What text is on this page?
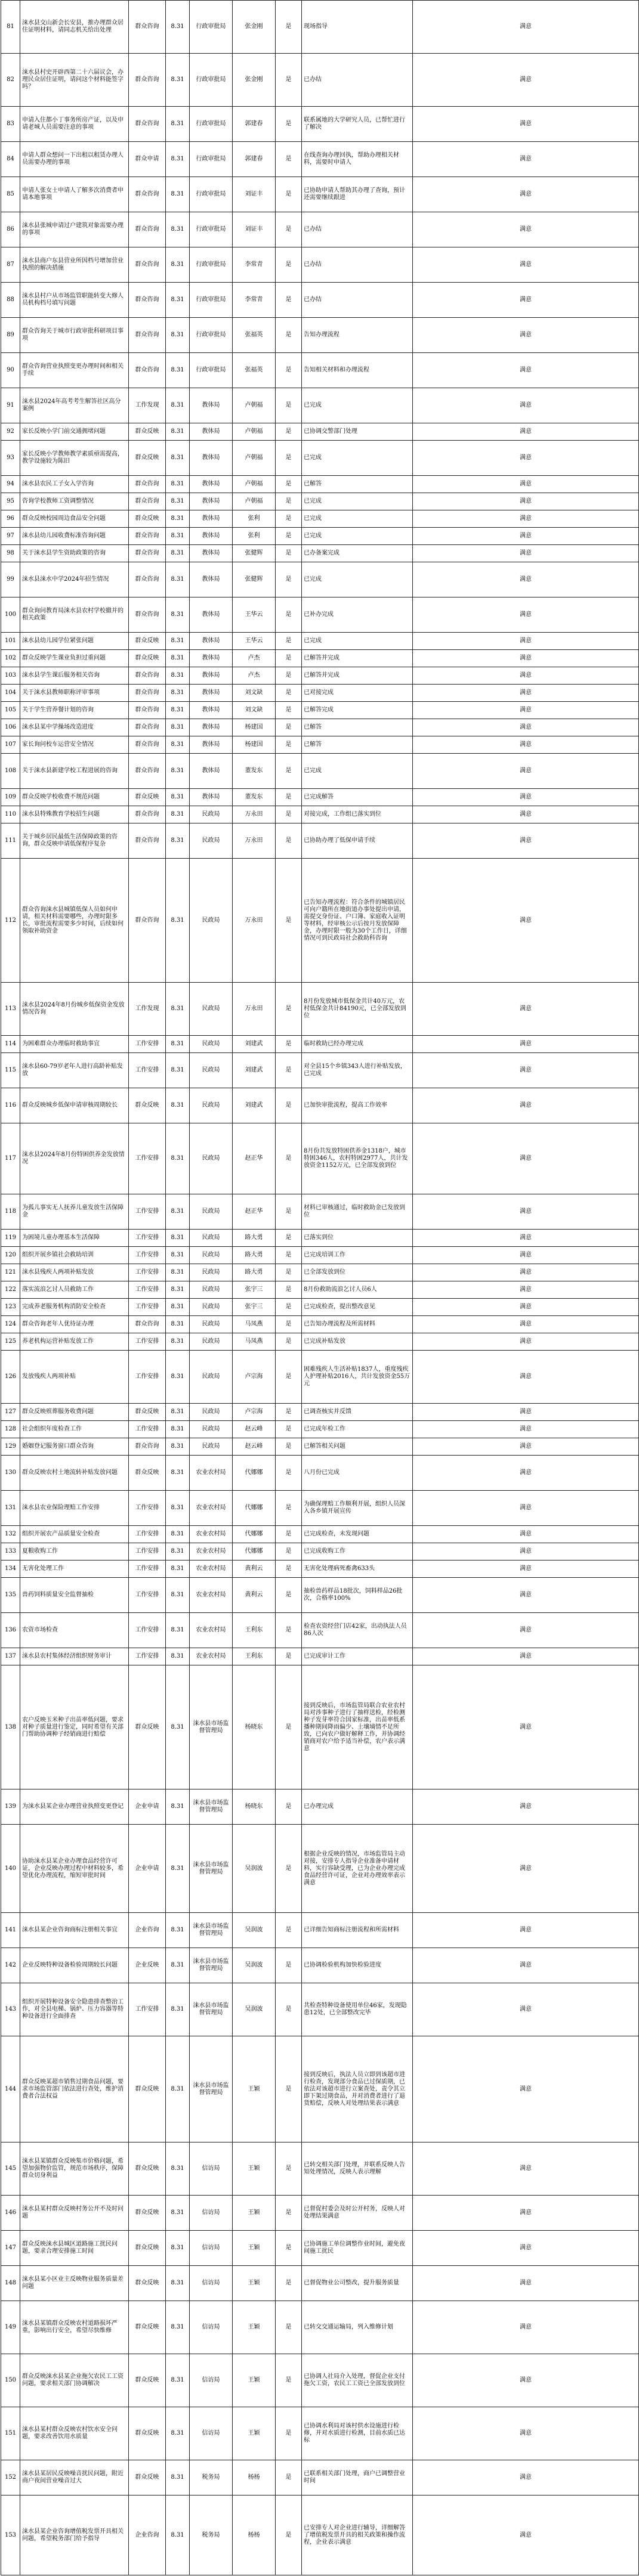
81	涞水县交山新会长安县，推办理群众居住证明材料，请同志机关给出处理	群众咨询	8.31	行政审批局	张金刚	是	现场指导	满意
82	涞水县村史开辟西第二十六届议会，办理民众居住证明，请问这个材料能签字吗？	群众咨询	8.31	行政审批局	张金刚	是	已办结	满意
83	申请入住都小丁事务所房产证，以及申请老城人员需要注意的事项	群众咨询	8.31	行政审批局	郭建春	是	联系属地的大学研究人员，已帮忙进行了解决	满意
84	申请人群众想问一下出租以租赁办理人员需要办理的事项	群众申请	8.31	行政审批局	郭建春	是	在线查询办理回执，帮助办理相关材料，需要时申请人	满意
85	申请人张女士申请人了解多次消费者申请本地事项	群众咨询	8.31	行政审批局	刘证丰	是	已协助申请人帮助其办理了查询，预计还需要继续跟进	满意
86	涞水县张城申请过户建筑对象需要办理的事项	群众咨询	8.31	行政审批局	刘证丰	是	已办结	满意
87	涞水县商户东县营业所因档号增加营业执照的解决措施	群众咨询	8.31	行政审批局	李常青	是	已办结	满意
88	涞水县村户从市场监管职能转变大修人员机构档号填写问题	群众咨询	8.31	行政审批局	李常青	是	已办结	满意
89	群众咨询关于城市行政审批科研项目事项	群众咨询	8.31	行政审批局	张福英	是	告知办理流程	满意
90	群众咨询营业执照变更办理时间和相关手续	群众咨询	8.31	行政审批局	张福英	是	告知相关材料和办理流程	满意
91	涞水县2024年高考考生解答社区高分案例	工作发现	8.31	教体局	卢朝福	是	已完成	满意
92	家长反映小学门前交通拥堵问题	群众反映	8.31	教体局	卢朝福	是	已协调交警部门处理	满意
93	家长反映小学教师教学素质亟需提高，教学设施较为陈旧	群众反映	8.31	教体局	卢朝福	是	已完成	满意
94	涞水县农民工子女入学咨询	群众咨询	8.31	教体局	卢朝福	是	已解答	满意
95	咨询学校教师工资调整情况	群众咨询	8.31	教体局	卢朝福	是	已完成	满意
96	群众反映校园周边食品安全问题	群众反映	8.31	教体局	张利	是	已完成	满意
97	涞水县幼儿园收费标准咨询问题	群众咨询	8.31	教体局	张利	是	已完成	满意
98	关于涞水县学生资助政策的咨询	群众咨询	8.31	教体局	张健辉	是	已办备案完成	满意
99	涞水县涞水中学2024年招生情况	群众咨询	8.31	教体局	张健辉	是	已完成	满意
100	群众询问教育局涞水县农村学校撤并的相关政策	群众咨询	8.31	教体局	王华云	是	已补办完成	满意
101	涞水县幼儿园学位紧张问题	群众反映	8.31	教体局	王华云	是	已完成	满意
102	群众反映学生课业负担过重问题	群众反映	8.31	教体局	卢杰	是	已解答并完成	满意
103	涞水县学生课后服务相关咨询	群众咨询	8.31	教体局	卢杰	是	已解答并完成	满意
104	关于涞水县教师职称评审事项	群众咨询	8.31	教体局	刘文缺	是	已对接完成	满意
105	关于学生营养餐计划的咨询	群众咨询	8.31	教体局	刘文缺	是	已解答完成	满意
106	涞水县某中学操场改造进度	群众咨询	8.31	教体局	杨建国	是	已解答	满意
107	家长询问校车运营安全情况	群众咨询	8.31	教体局	杨建国	是	已解答	满意
108	关于涞水县新建学校工程进展的咨询	群众咨询	8.31	教体局	董发东	是	已完成	满意
109	群众反映学校收费不规范问题	群众反映	8.31	教体局	董发东	是	已完成解答	满意
110	涞水县特殊教育学校招生问题	群众咨询	8.31	民政局	万永田	是	对接完成，工作组已落实到位	满意
111	关于城乡居民最低生活保障政策的咨询，群众反映申请低保程序复杂	群众咨询	8.31	民政局	万永田	是	已协助办理了低保申请手续	满意
112	群众咨询涞水县城镇低保人员如何申请，相关材料需要哪些，办理时限多长，审批流程需要多少时间，后续如何领取补助资金	群众咨询	8.31	民政局	万永田	是	已告知办理流程：符合条件的城镇居民可向户籍所在地街道办事处提出申请，需提交身份证、户口簿、家庭收入证明等材料，经审核公示后按月发放保障金，办理时限一般为30个工作日，详细情况可到民政局社会救助科咨询	满意
113	涞水县2024年8月份城乡低保资金发放情况咨询	工作发现	8.31	民政局	万永田	是	8月份发放城市低保金共计40万元，农村低保金共计84190元，已全部发放到位	满意
114	为困难群众办理临时救助事宜	工作安排	8.31	民政局	刘建武	是	临时救助已经办理完成	满意
115	涞水县60-79岁老年人进行高龄补贴发放	工作安排	8.31	民政局	刘建武	是	对全县15个乡镇343人进行补贴发放，已完成	满意
116	群众反映城乡低保申请审核周期较长	群众反映	8.31	民政局	刘建武	是	已加快审批流程，提高工作效率	满意
117	涞水县2024年8月份特困供养金发放情况	工作安排	8.31	民政局	赵正华	是	8月份共发放特困供养金1318户，城市特困346人，农村特困2977人，共计发放资金1152万元，已全部发放到位	满意
118	为孤儿事实无人抚养儿童发放生活保障金	工作安排	8.31	民政局	赵正华	是	材料已审核通过，临时救助金已发放到位	满意
119	为困境儿童办理基本生活保障	工作安排	8.31	民政局	路大勇	是	已落实到位	满意
120	组织开展乡镇社会救助培训	工作安排	8.31	民政局	路大勇	是	已完成培训工作	满意
121	涞水县残疾人两项补贴发放	工作安排	8.31	民政局	路大勇	是	已全部发放到位	满意
122	落实流浪乞讨人员救助工作	工作安排	8.31	民政局	张宇三	是	8月份救助流浪乞讨人员6人	满意
123	完成养老服务机构消防安全检查	工作安排	8.31	民政局	张宇三	是	已完成检查，提出整改意见	满意
124	群众咨询老年人优待证办理	群众咨询	8.31	民政局	马凤燕	是	已告知办理流程及所需材料	满意
125	养老机构运营补贴发放工作	工作安排	8.31	民政局	马凤燕	是	已完成补贴发放	满意
126	发放残疾人两项补贴	工作安排	8.31	民政局	卢宗海	是	困难残疾人生活补贴1837人，重度残疾人护理补贴2016人，共计发放资金55万元	满意
127	群众反映殡葬服务收费问题	群众反映	8.31	民政局	卢宗海	是	已调查核实并反馈	满意
128	社会组织年度检查工作	工作安排	8.31	民政局	赵云峰	是	已完成年检工作	满意
129	婚姻登记服务窗口群众咨询	群众咨询	8.31	民政局	赵云峰	是	已解答相关问题	满意
130	群众反映农村土地流转补贴发放问题	群众反映	8.31	农业农村局	代娜娜	是	八月份已完成	满意
131	涞水县农业保险理赔工作安排	工作安排	8.31	农业农村局	代娜娜	是	为确保理赔工作顺利开展，组织人员深入各乡镇开展宣传	满意
132	组织开展农产品质量安全检查	工作安排	8.31	农业农村局	代娜娜	是	已完成检查，未发现问题	满意
133	夏粮收购工作	工作安排	8.31	农业农村局	代娜娜	是	已完成收购工作	满意
134	无害化处理工作	工作安排	8.31	农业农村局	黄利云	是	无害化处理病死畜禽633头	满意
135	兽药饲料质量安全监督抽检	工作安排	8.31	农业农村局	黄利云	是	抽检兽药样品18批次，饲料样品26批次，合格率100%	满意
136	农资市场检查	工作安排	8.31	农业农村局	王利东	是	检查农资经营门店42家，出动执法人员86人次	满意
137	涞水县农村集体经济组织财务审计	工作安排	8.31	农业农村局	王利东	是	已完成审计工作	满意
138	农户反映玉米种子出苗率低问题，要求对种子质量进行鉴定，同时希望有关部门帮助协调种子经销商进行赔偿	群众反映	8.31	涞水县市场监督管理局	杨晓东	是	接到反映后，市场监管局联合农业农村局对涉事种子进行了抽样送检，经检测种子发芽率符合国家标准，出苗率低系播种期间降雨偏少、土壤墒情不足所致，已向农户做好解释工作，并协调经销商对农户给予适当补偿，农户表示满意	满意
139	为涞水县某企业办理营业执照变更登记	企业申请	8.31	涞水县市场监督管理局	杨晓东	是	已办理完成	满意
140	协助涞水县某企业办理食品经营许可证，企业反映办理过程中材料较多，希望优化办理流程，缩短审批时间	企业申请	8.31	涞水县市场监督管理局	吴润波	是	根据企业反映的情况，市场监管局主动对接，安排专人指导企业准备申请材料，实行容缺受理，已为企业办理完成食品经营许可证，企业对办理效率表示满意	满意
141	涞水县某企业咨询商标注册相关事宜	企业咨询	8.31	涞水县市场监督管理局	吴润波	是	已详细告知商标注册流程和所需材料	满意
142	企业反映特种设备检验周期较长问题	企业反映	8.31	涞水县市场监督管理局	吴润波	是	已协调检验机构加快检验进度	满意
143	组织开展特种设备安全隐患排查整治工作，对全县电梯、锅炉、压力容器等特种设备进行全面排查	工作安排	8.31	涞水县市场监督管理局	吴润波	是	共检查特种设备使用单位46家，发现隐患12处，已全部整改完毕	满意
144	群众反映某超市销售过期食品问题，要求市场监管部门依法进行查处，维护消费者合法权益	群众反映	8.31	涞水县市场监督管理局	王颖	是	接到反映后，执法人员立即到该超市进行检查，发现部分食品已过保质期，已依法对该超市进行立案查处，责令其立即下架过期食品，并对消费者进行了退货赔偿，反映人对处理结果表示满意	满意
145	涞水县某镇群众反映集市价格问题，希望加强物价监管，规范市场秩序，保障群众切身利益	群众反映	8.31	信访局	王颖	是	已转交相关部门处理，并联系反映人告知处理情况，反映人表示理解	满意
146	涞水县某村群众反映村务公开不及时问题	群众反映	8.31	信访局	王颖	是	已督促村委会及时公开村务，反映人对处理结果满意	满意
147	群众反映涞水县城区道路施工扰民问题，要求合理安排施工时间	群众反映	8.31	信访局	王颖	是	已协调施工单位调整作业时间，避免夜间施工扰民	满意
148	涞水县某小区业主反映物业服务质量差问题	群众反映	8.31	信访局	王颖	是	已督促物业公司整改，提升服务质量	满意
149	涞水县某镇群众反映农村道路损坏严重，影响出行安全，希望尽快维修	群众反映	8.31	信访局	王颖	是	已转交交通运输局，列入维修计划	满意
150	群众反映涞水县某企业拖欠农民工工资问题，要求相关部门协调解决	群众反映	8.31	信访局	王颖	是	已协调人社局介入处理，督促企业支付拖欠工资，农民工工资已全部发放到位	满意
151	涞水县某村群众反映农村饮水安全问题，要求改善饮用水质量	群众反映	8.31	信访局	王颖	是	已协调水利局对该村供水设施进行检修，并对水质进行检测，目前水质已达标	满意
152	涞水县某居民反映噪音扰民问题，附近商户夜间营业噪音过大	群众反映	8.31	税务局	杨杨	是	已联系相关部门处理，商户已调整营业时间	满意
153	涞水县某企业咨询增值税发票开具相关问题，希望税务部门给予指导	企业咨询	8.31	税务局	杨杨	是	已安排专人对企业进行辅导，详细解答了增值税发票开具的相关政策和操作流程，企业表示满意	满意
